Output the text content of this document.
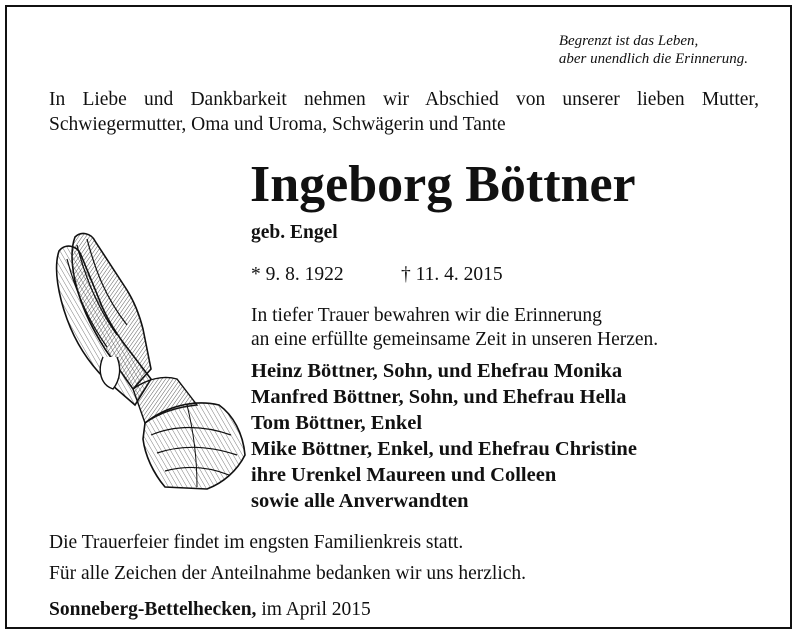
Begrenzt ist das Leben,
aber unendlich die Erinnerung.
In Liebe und Dankbarkeit nehmen wir Abschied von unserer lieben Mutter,
Schwiegermutter, Oma und Uroma, Schwägerin und Tante
Ingeborg Böttner
geb. Engel
* 9. 8. 1922	† 11. 4. 2015
In tiefer Trauer bewahren wir die Erinnerung
an eine erfüllte gemeinsame Zeit in unseren Herzen.
Heinz Böttner, Sohn, und Ehefrau Monika
Manfred Böttner, Sohn, und Ehefrau Hella
Tom Böttner, Enkel
Mike Böttner, Enkel, und Ehefrau Christine
ihre Urenkel Maureen und Colleen
sowie alle Anverwandten
Die Trauerfeier findet im engsten Familienkreis statt.
Für alle Zeichen der Anteilnahme bedanken wir uns herzlich.
Sonneberg-Bettelhecken, im April 2015
